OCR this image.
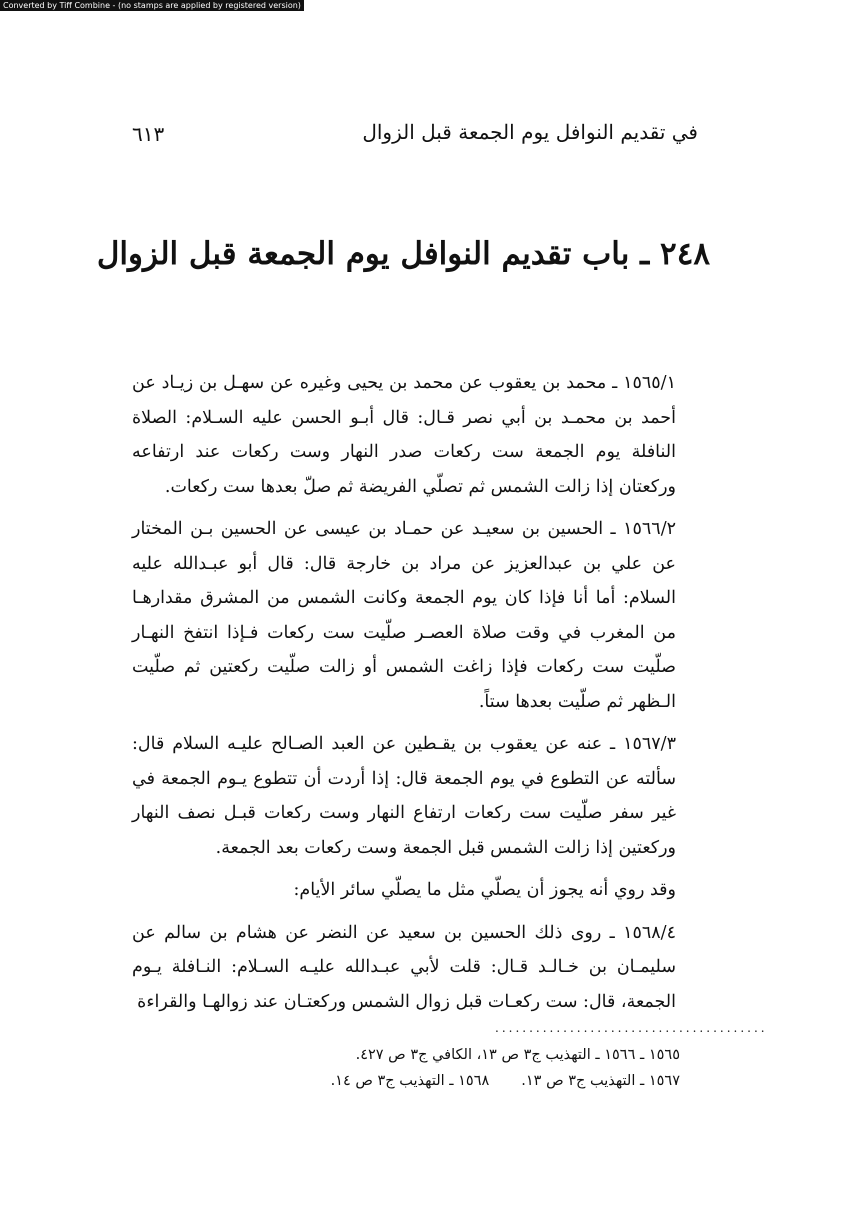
Converted by Tiff Combine - (no stamps are applied by registered version)
في تقديم النوافل يوم الجمعة قبل الزوال
٦١٣
٢٤٨ ـ باب تقديم النوافل يوم الجمعة قبل الزوال

١٥٦٥/١ ـ محمد بن يعقوب عن محمد بن يحيى وغيره عن سهـل بن زيـاد عن أحمد بن محمـد بن أبي نصر قـال: قال أبـو الحسن عليه السـلام: الصلاة النافلة يوم الجمعة ست ركعات صدر النهار وست ركعات عند ارتفاعه وركعتان إذا زالت الشمس ثم تصلّي الفريضة ثم صلّ بعدها ست ركعات.

١٥٦٦/٢ ـ الحسين بن سعيـد عن حمـاد بن عيسى عن الحسين بـن المختار عن علي بن عبدالعزيز عن مراد بن خارجة قال: قال أبو عبـدالله عليه السلام: أما أنا فإذا كان يوم الجمعة وكانت الشمس من المشرق مقدارهـا من المغرب في وقت صلاة العصـر صلّيت ست ركعات فـإذا انتفخ النهـار صلّيت ست ركعات فإذا زاغت الشمس أو زالت صلّيت ركعتين ثم صلّيت الـظهر ثم صلّيت بعدها ستاً.

١٥٦٧/٣ ـ عنه عن يعقوب بن يقـطين عن العبد الصـالح عليـه السلام قال: سألته عن التطوع في يوم الجمعة قال: إذا أردت أن تتطوع يـوم الجمعة في غير سفر صلّيت ست ركعات ارتفاع النهار وست ركعات قبـل نصف النهار وركعتين إذا زالت الشمس قبل الجمعة وست ركعات بعد الجمعة.

وقد روي أنه يجوز أن يصلّي مثل ما يصلّي سائر الأيام:

١٥٦٨/٤ ـ روى ذلك الحسين بن سعيد عن النضر عن هشام بن سالم عن سليمـان بن خـالـد قـال: قلت لأبي عبـدالله عليـه السـلام: النـافلة يـوم الجمعة، قال: ست ركعـات قبل زوال الشمس وركعتـان عند زوالهـا والقراءة

........................................
١٥٦٥ ـ ١٥٦٦ ـ التهذيب ج٣ ص ١٣، الكافي ج٣ ص ٤٢٧.
١٥٦٧ ـ التهذيب ج٣ ص ١٣.١٥٦٨ ـ التهذيب ج٣ ص ١٤.
